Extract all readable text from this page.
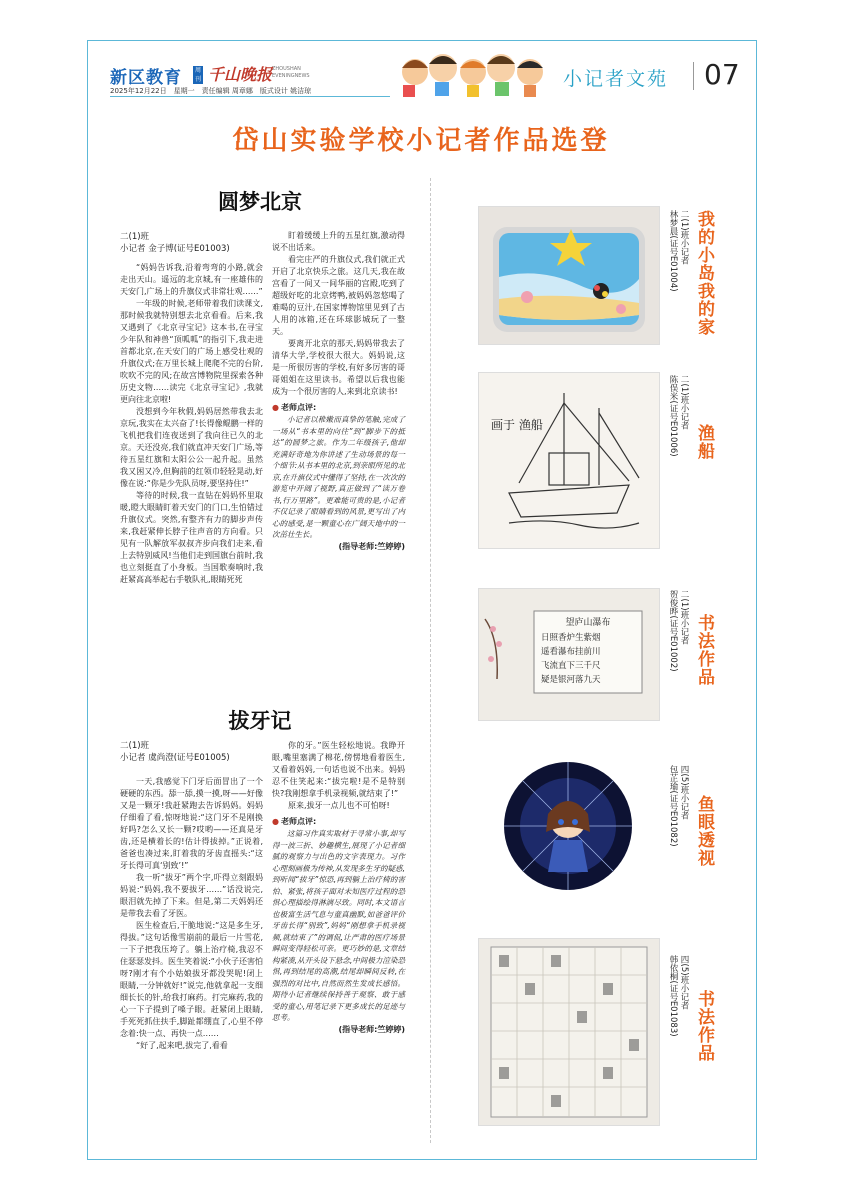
新区教育	周刊 千山晚报 ZHOUSHAN EVENINGNEWS
2025年12月22日　星期一　责任编辑 周章娜　版式设计 姚洁琼
小记者文苑 07
岱山实验学校小记者作品选登
圆梦北京
二(1)班
小记者 金子博(证号E01003)

“妈妈告诉我,沿着弯弯的小路,就会走出天山。遥远的北京城,有一座雄伟的天安门,广场上的升旗仪式非常壮观……”

一年级的时候,老师带着我们读课文,那时候我就特别想去北京看看。后来,我又遇到了《北京寻宝记》这本书,在寻宝少年队和神兽“顶呱呱”的指引下,我走进首都北京,在天安门的广场上感受壮观的升旗仪式;在万里长城上爬爬不完的台阶,吹吹不完的风;在故宫博物院里探索各种历史文物……读完《北京寻宝记》,我就更向往北京啦!

没想到今年秋假,妈妈居然带我去北京玩,我实在太兴奋了!长得像鲲鹏一样的飞机把我们连夜送到了我向往已久的北京。天还没亮,我们就直冲天安门广场,等待五星红旗和太阳公公一起升起。虽然我又困又冷,但胸前的红领巾轻轻晃动,好像在说:“你是少先队员呀,要坚持住!”

等待的时候,我一直钻在妈妈怀里取暖,瞪大眼睛盯着天安门的门口,生怕错过升旗仪式。突然,有整齐有力的脚步声传来,我赶紧伸长脖子往声音的方向看。只见有一队解放军叔叔齐步向我们走来,看上去特别威风!当他们走到国旗台前时,我也立刻挺直了小身板。当国歌奏响时,我赶紧高高举起右手敬队礼,眼睛死死

盯着缓缓上升的五星红旗,激动得说不出话来。

看完庄严的升旗仪式,我们就正式开启了北京快乐之旅。这几天,我在故宫看了一间又一间华丽的宫殿,吃到了超级好吃的北京烤鸭,被妈妈忽悠喝了难喝的豆汁,在国家博物馆里见到了古人用的冰箱,还在环球影城玩了一整天。

要离开北京的那天,妈妈带我去了清华大学,学校很大很大。妈妈说,这是一所很厉害的学校,有好多厉害的哥哥姐姐在这里读书。希望以后我也能成为一个很厉害的人,来到北京读书!

● 老师点评:

小记者以稚嫩而真挚的笔触,完成了一场从“书本里的向往”到“脚步下的抵达”的圆梦之旅。作为二年级孩子,他却充满好奇地为你讲述了生动场景的每一个细节:从书本里的北京,到亲眼所见的北京,在升旗仪式中懂得了坚持,在一次次的游览中开阔了视野,真正做到了“读万卷书,行万里路”。更难能可贵的是,小记者不仅记录了眼睛看到的风景,更写出了内心的感受,是一颗童心在广阔天地中的一次茁壮生长。

(指导老师:竺婷婷)

拔牙记
二(1)班
小记者 虞尚澄(证号E01005)

一天,我感觉下门牙后面冒出了一个硬硬的东西。舔一舔,摸一摸,呀——好像又是一颗牙!我赶紧跑去告诉妈妈。妈妈仔细看了看,惊呀地说:“这门牙不是刚换好吗?怎么又长一颗?哎哟——还真是牙齿,还是横着长的!估计得拔掉。”正说着,爸爸也凑过来,盯着我的牙齿直摇头:“这牙长得可真‘别致’!”

我一听“拔牙”两个字,吓得立刻跟妈妈说:“妈妈,我不要拔牙……”话没说完,眼泪就先掉了下来。但是,第二天妈妈还是带我去看了牙医。

医生检查后,干脆地说:“这是多生牙,得拔。”这句话像雪崩前的最后一片雪花,一下子把我压垮了。躺上治疗椅,我忍不住瑟瑟发抖。医生笑着说:“小伙子还害怕呀?刚才有个小姑娘拔牙都没哭呢!闭上眼睛,一分钟就好!”说完,他就拿起一支细细长长的针,给我打麻药。打完麻药,我的心一下子提到了嗓子眼。赶紧闭上眼睛,手死死抓住扶手,脚趾都绷直了,心里不停念着:快一点、再快一点……

“好了,起来吧,拔完了,看看

你的牙。”医生轻松地说。我睁开眼,嘴里塞满了棉花,傍愣地看着医生,又看着妈妈,一句话也说不出来。妈妈忍不住笑起来:“拔完啦!是不是特别快?我刚想拿手机录视频,就结束了!”

原来,拔牙一点儿也不可怕呀!

● 老师点评:

这篇习作真实取材于寻常小事,却写得一波三折、妙趣横生,展现了小记者细腻的观察力与出色的文字表现力。习作心理刻画极为传神,从发现多生牙的疑惑,到听闻“拔牙”惊恐,再到躺上治疗椅的害怕、紧张,将孩子面对未知医疗过程的恐惧心理描绘得淋漓尽致。同时,本文语言也极富生活气息与童真幽默,如爸爸评价牙齿长得“别致”,妈妈“刚想拿手机录视频,就结束了”的调侃,让严肃的医疗场景瞬间变得轻松可亲。更巧妙的是,文章结构紧凑,从开头设下悬念,中间极力渲染恐惧,再到结尾的高潮,结尾却瞬间反转,在强烈的对比中,自然而然生发成长感悟。期待小记者继续保持善于观察、敢于感受的童心,用笔记录下更多成长的足迹与思考。

(指导老师:竺婷婷)

二(1)班小记者
林梦晨(证号E01004) 我的小岛我的家
画于 渔船	二(1)班小记者
陈俣米(证号E01006) 渔船
望庐山瀑布
日照香炉生紫烟
遥看瀑布挂前川
飞流直下三千尺
疑是银河落九天
二(1)班小记者
贺俊晔(证号E01002) 书法作品
四(5)班小记者
包芷瑜(证号E01082) 鱼眼透视
四(5)班小记者
韩依桐(证号E01083) 书法作品
